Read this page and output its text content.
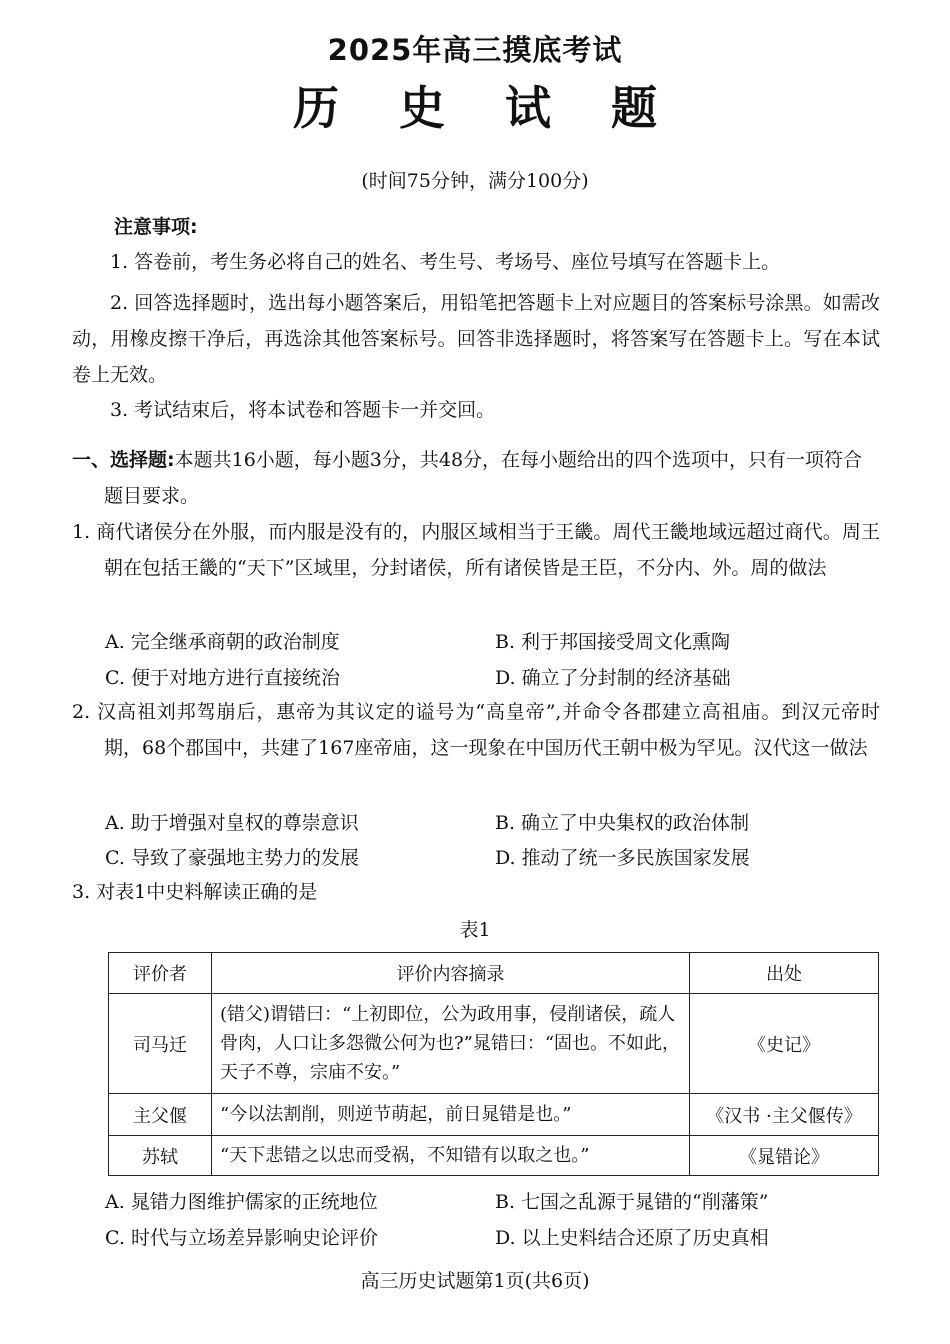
2025年高三摸底考试
历 史 试 题
(时间75分钟，满分100分)
注意事项:
1. 答卷前，考生务必将自己的姓名、考生号、考场号、座位号填写在答题卡上。
2. 回答选择题时，选出每小题答案后，用铅笔把答题卡上对应题目的答案标号涂黑。如需改动，用橡皮擦干净后，再选涂其他答案标号。回答非选择题时，将答案写在答题卡上。写在本试卷上无效。
3. 考试结束后，将本试卷和答题卡一并交回。
一、选择题:本题共16小题，每小题3分，共48分，在每小题给出的四个选项中，只有一项符合题目要求。
1. 商代诸侯分在外服，而内服是没有的，内服区域相当于王畿。周代王畿地域远超过商代。周王朝在包括王畿的“天下”区域里，分封诸侯，所有诸侯皆是王臣，不分内、外。周的做法
A. 完全继承商朝的政治制度	B. 利于邦国接受周文化熏陶
C. 便于对地方进行直接统治	D. 确立了分封制的经济基础
2. 汉高祖刘邦驾崩后，惠帝为其议定的谥号为“高皇帝”,并命令各郡建立高祖庙。到汉元帝时期，68个郡国中，共建了167座帝庙，这一现象在中国历代王朝中极为罕见。汉代这一做法
A. 助于增强对皇权的尊崇意识	B. 确立了中央集权的政治体制
C. 导致了豪强地主势力的发展	D. 推动了统一多民族国家发展
3. 对表1中史料解读正确的是
表1
评价者	评价内容摘录	出处
司马迁	(错父)谓错曰：“上初即位，公为政用事，侵削诸侯，疏人骨肉，人口让多怨微公何为也?”晁错曰：“固也。不如此，天子不尊，宗庙不安。”	《史记》
主父偃	“今以法割削，则逆节萌起，前日晁错是也。”	《汉书 ·主父偃传》
苏轼	“天下悲错之以忠而受祸，不知错有以取之也。”	《晁错论》
A. 晁错力图维护儒家的正统地位	B. 七国之乱源于晁错的“削藩策”
C. 时代与立场差异影响史论评价	D. 以上史料结合还原了历史真相
高三历史试题第1页(共6页)
